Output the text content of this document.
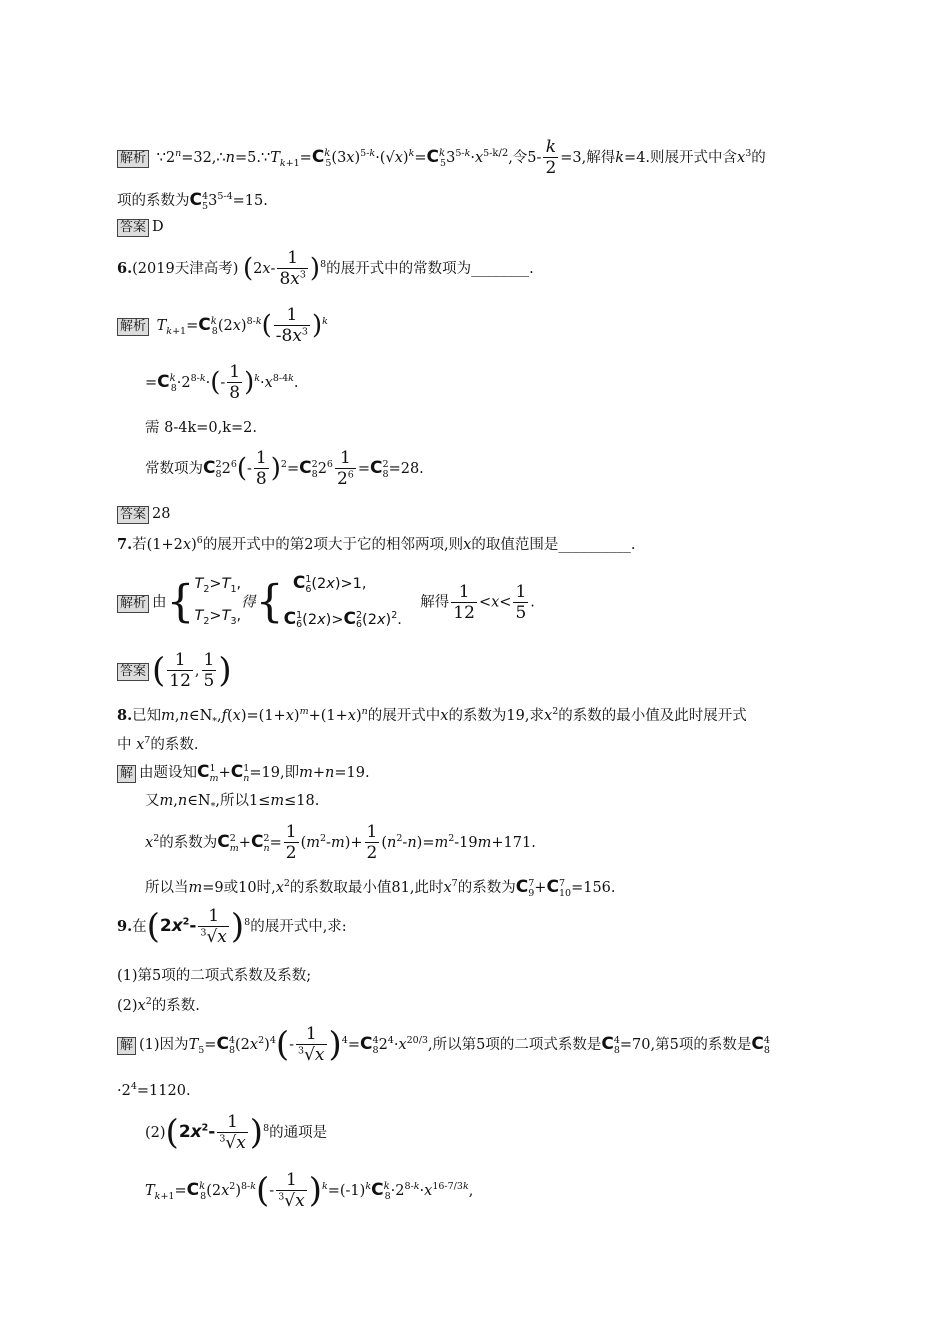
解析 $\because 2^n=32,\therefore n=5.\because T_{k+1}=C^k_5(3x)^{5-k}\cdot(√x)^k=C^k_53^{5-k}\cdot x^{5-k/2}$,令$5- \frac{k}{2} =3$,解得k=4.则展开式中含$x^3$的
项的系数为$C^4_53^{5-4}=15$.
答案 D
6.(2019天津高考) $(2x- \frac{1}{8x^3} )^8$的展开式中的常数项为________.
解析 $T_{k+1}=C^k_8(2x)^{8-k}( \frac{1}{-8x^3} )^k$
$=C^k_8\cdot 2^{8-k}\cdot(- \frac{1}{8} )^k\cdot x^{8-4k}$.
需 8-4k=0,k=2.
常数项为$C^2_82^6(- \frac{1}{8} )^2=C^2_82^6 \frac{1}{2^6} =C^2_8=28$.
答案 28
7.若$(1+2x)^6$的展开式中的第2项大于它的相邻两项,则x的取值范围是__________.
解析 由{$T_2>T_1$,
$T_2>T_3$,得{ $C^1_6(2x)>1$,
$C^1_6(2x)>C^2_6(2x)^2$.    解得 $\frac{1}{12} <x< \frac{1}{5}$ .
答案 ( $\frac{1}{12}$ , $\frac{1}{5}$ )
8.已知$m,n\in N_*,f(x)=(1+x)^m+(1+x)^n$的展开式中x的系数为19,求$x^2$的系数的最小值及此时展开式
中 $x^7$的系数.
解 由题设知$C^1_m+C^1_n=19$,即m+n=19.
又$m,n\in N_*$,所以1≤m≤18.
$x^2$的系数为$C^2_m+C^2_n= \frac{1}{2} (m^2-m)+ \frac{1}{2} (n^2-n)=m^2-19m+171$.
所以当m=9或10时$,x^2$的系数取最小值81,此时$x^7$的系数为$C^7_9+C^7_{10}=156$.
9.在$(2x^2- \frac{1}{^3√x} )^8$的展开式中,求:
(1)第5项的二项式系数及系数;
$(2)x^2$的系数.
解 (1)因为$T_5=C^4_8(2x^2)^4(- \frac{1}{^3√x} )^4=C^4_82^4\cdot x^{20/3}$,所以第5项的二项式系数是$C^4_8=70$,第5项的系数是$C^4_8$
$\cdot 2^4=1120$.
$(2)(2x^2- \frac{1}{^3√x} )^8$的通项是
$T_{k+1}=C^k_8(2x^2)^{8-k}(- \frac{1}{^3√x} )^k=(-1)^kC^k_8\cdot 2^{8-k}\cdot x^{16-7/3k}$,
